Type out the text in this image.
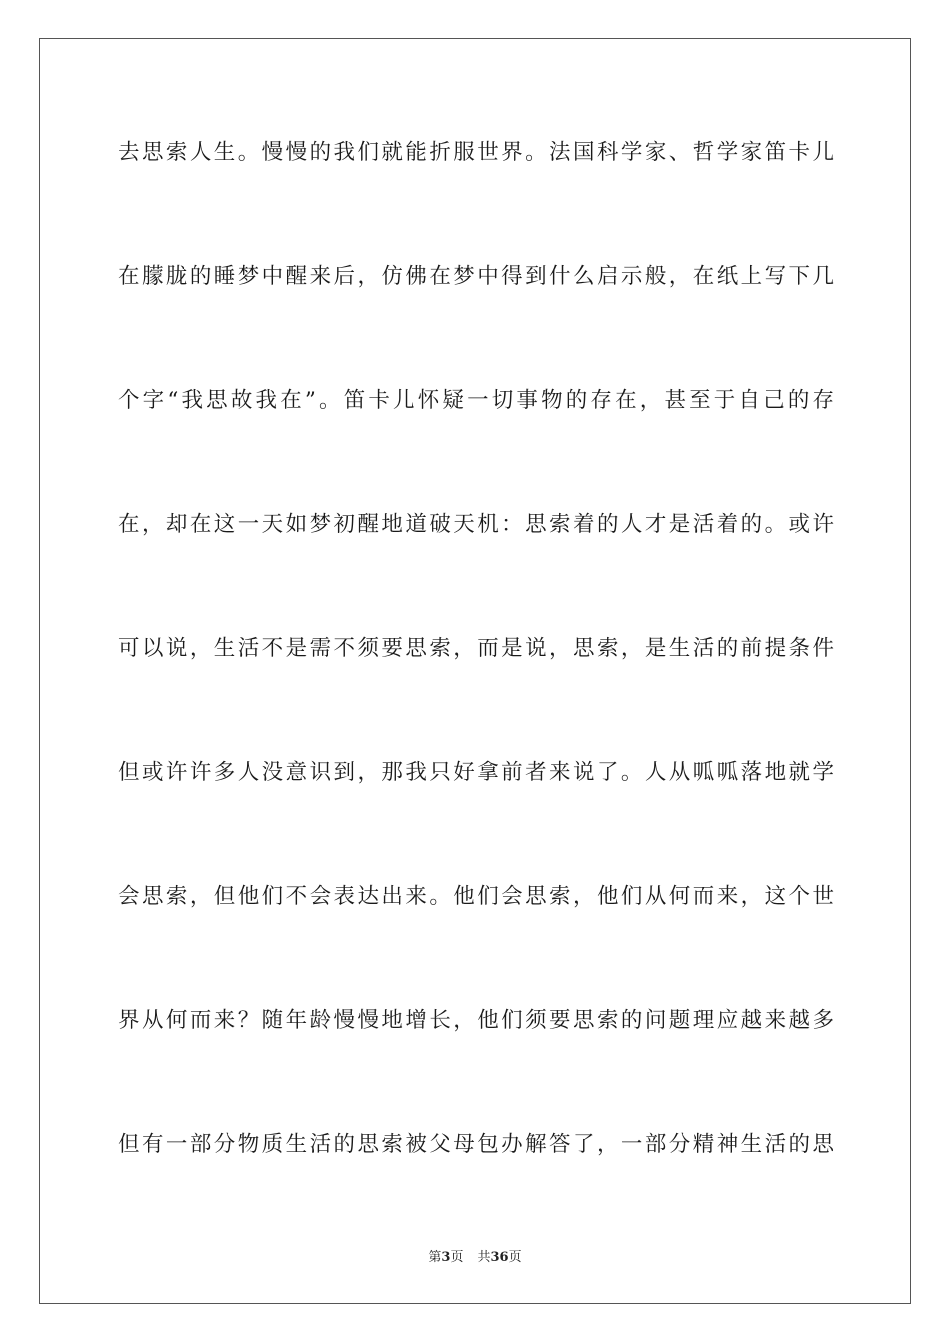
去思索人生。慢慢的我们就能折服世界。法国科学家、哲学家笛卡儿
在朦胧的睡梦中醒来后，仿佛在梦中得到什么启示般，在纸上写下几
个字“我思故我在”。笛卡儿怀疑一切事物的存在，甚至于自己的存
在，却在这一天如梦初醒地道破天机：思索着的人才是活着的。或许
可以说，生活不是需不须要思索，而是说，思索，是生活的前提条件
但或许许多人没意识到，那我只好拿前者来说了。人从呱呱落地就学
会思索，但他们不会表达出来。他们会思索，他们从何而来，这个世
界从何而来？随年龄慢慢地增长，他们须要思索的问题理应越来越多
但有一部分物质生活的思索被父母包办解答了，一部分精神生活的思
第3页 共36页
